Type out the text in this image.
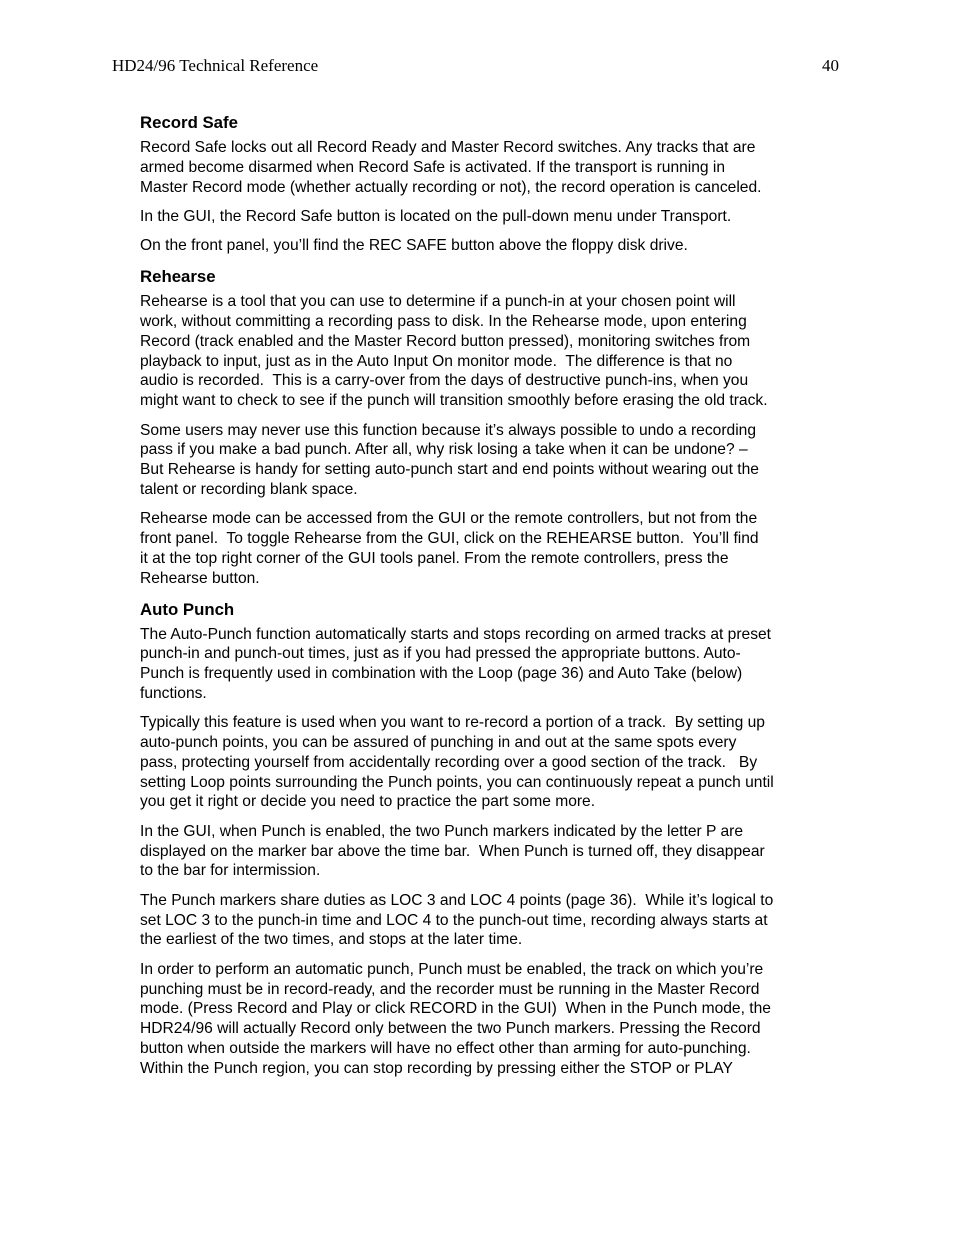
HD24/96 Technical Reference	40
Record Safe

Record Safe locks out all Record Ready and Master Record switches. Any tracks that are
armed become disarmed when Record Safe is activated. If the transport is running in
Master Record mode (whether actually recording or not), the record operation is canceled.

In the GUI, the Record Safe button is located on the pull-down menu under Transport.

On the front panel, you’ll find the REC SAFE button above the floppy disk drive.

Rehearse

Rehearse is a tool that you can use to determine if a punch-in at your chosen point will
work, without committing a recording pass to disk. In the Rehearse mode, upon entering
Record (track enabled and the Master Record button pressed), monitoring switches from
playback to input, just as in the Auto Input On monitor mode.  The difference is that no
audio is recorded.  This is a carry-over from the days of destructive punch-ins, when you
might want to check to see if the punch will transition smoothly before erasing the old track.

Some users may never use this function because it’s always possible to undo a recording
pass if you make a bad punch. After all, why risk losing a take when it can be undone? –
But Rehearse is handy for setting auto-punch start and end points without wearing out the
talent or recording blank space.

Rehearse mode can be accessed from the GUI or the remote controllers, but not from the
front panel.  To toggle Rehearse from the GUI, click on the REHEARSE button.  You’ll find
it at the top right corner of the GUI tools panel. From the remote controllers, press the
Rehearse button.

Auto Punch

The Auto-Punch function automatically starts and stops recording on armed tracks at preset
punch-in and punch-out times, just as if you had pressed the appropriate buttons. Auto-
Punch is frequently used in combination with the Loop (page 36) and Auto Take (below)
functions.

Typically this feature is used when you want to re-record a portion of a track.  By setting up
auto-punch points, you can be assured of punching in and out at the same spots every
pass, protecting yourself from accidentally recording over a good section of the track.   By
setting Loop points surrounding the Punch points, you can continuously repeat a punch until
you get it right or decide you need to practice the part some more.

In the GUI, when Punch is enabled, the two Punch markers indicated by the letter P are
displayed on the marker bar above the time bar.  When Punch is turned off, they disappear
to the bar for intermission.

The Punch markers share duties as LOC 3 and LOC 4 points (page 36).  While it’s logical to
set LOC 3 to the punch-in time and LOC 4 to the punch-out time, recording always starts at
the earliest of the two times, and stops at the later time.

In order to perform an automatic punch, Punch must be enabled, the track on which you’re
punching must be in record-ready, and the recorder must be running in the Master Record
mode. (Press Record and Play or click RECORD in the GUI)  When in the Punch mode, the
HDR24/96 will actually Record only between the two Punch markers. Pressing the Record
button when outside the markers will have no effect other than arming for auto-punching.
Within the Punch region, you can stop recording by pressing either the STOP or PLAY
